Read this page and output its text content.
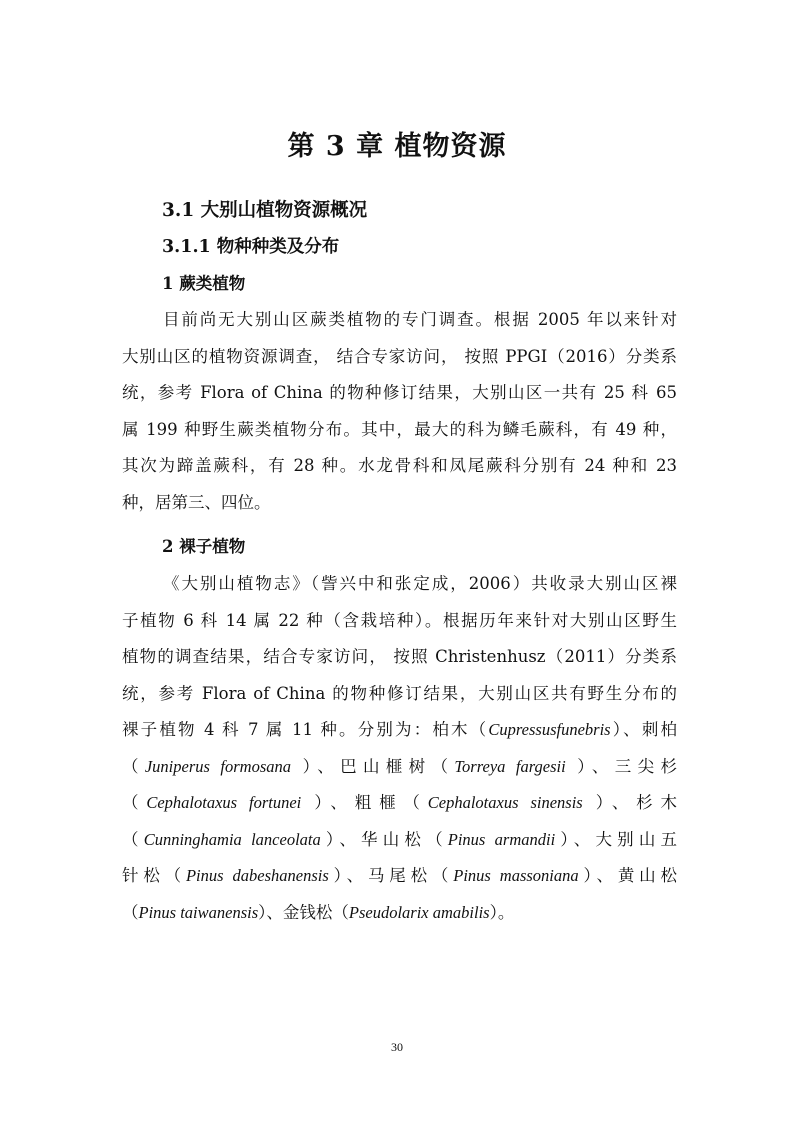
第 3 章 植物资源
3.1 大别山植物资源概况
3.1.1 物种种类及分布
1 蕨类植物
目前尚无大别山区蕨类植物的专门调查。根据 2005 年以来针对
大别山区的植物资源调查， 结合专家访问， 按照 PPGI（2016）分类系
统，参考 Flora of China 的物种修订结果，大别山区一共有 25 科 65
属 199 种野生蕨类植物分布。其中，最大的科为鳞毛蕨科，有 49 种，
其次为蹄盖蕨科，有 28 种。水龙骨科和凤尾蕨科分别有 24 种和 23
种，居第三、四位。
2 裸子植物
《大别山植物志》（訾兴中和张定成，2006）共收录大别山区裸
子植物 6 科 14 属 22 种（含栽培种）。根据历年来针对大别山区野生
植物的调查结果，结合专家访问， 按照 Christenhusz（2011）分类系
统，参考 Flora of China 的物种修订结果，大别山区共有野生分布的
裸子植物 4 科 7 属 11 种。分别为：柏木（Cupressusfunebris）、刺柏
（Juniperus formosana ）、巴山榧树（Torreya fargesii ）、三尖杉
（Cephalotaxus fortunei ）、粗榧（Cephalotaxus sinensis ）、杉木
（Cunninghamia lanceolata）、华山松（Pinus armandii）、大别山五
针松（Pinus dabeshanensis）、马尾松（Pinus massoniana）、黄山松
（Pinus taiwanensis）、金钱松（Pseudolarix amabilis）。
30
